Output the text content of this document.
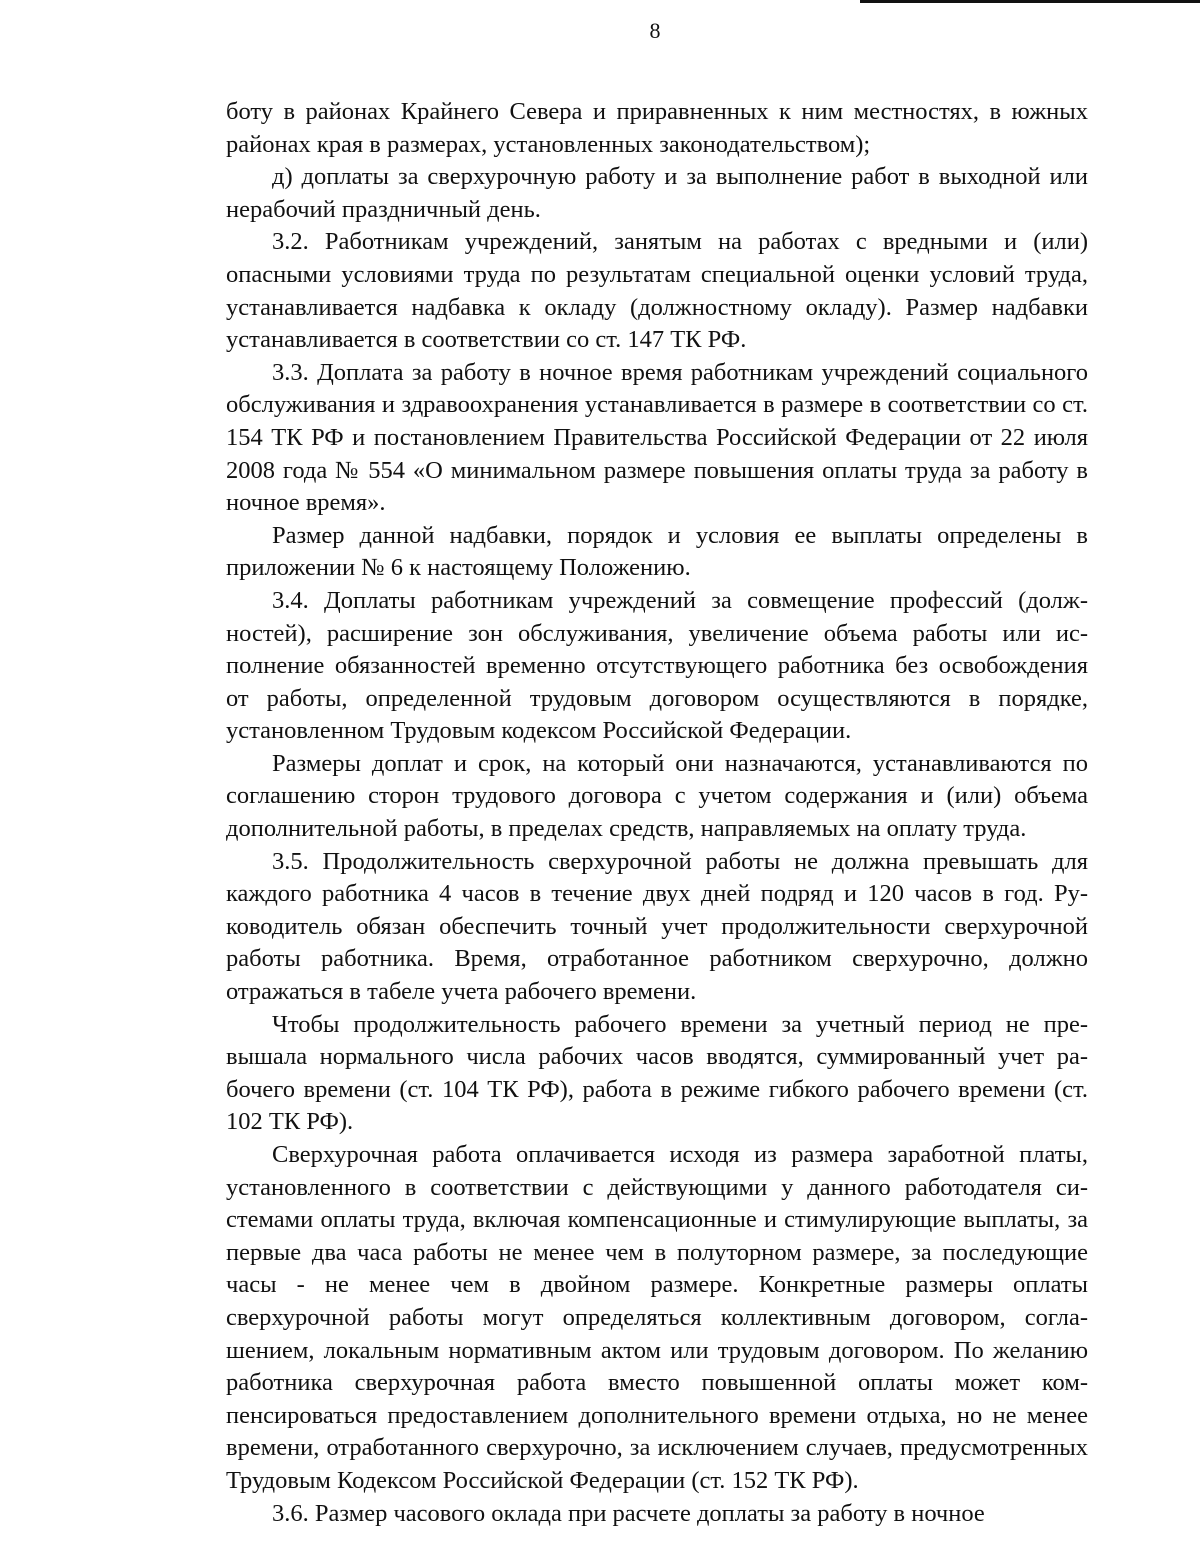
8

боту в районах Крайнего Севера и приравненных к ним местностях, в южных районах края в размерах, установленных законодательством);

д) доплаты за сверхурочную работу и за выполнение работ в выходной или нерабочий праздничный день.

3.2. Работникам учреждений, занятым на работах с вредными и (или) опасными условиями труда по результатам специальной оценки условий труда, устанавливается надбавка к окладу (должностному окладу). Размер надбавки устанавливается в соответствии со ст. 147 ТК РФ.

3.3. Доплата за работу в ночное время работникам учреждений социального обслуживания и здравоохранения устанавливается в размере в соответствии со ст. 154 ТК РФ и постановлением Правительства Российской Федерации от 22 июля 2008 года № 554 «О минимальном размере повышения оплаты труда за работу в ночное время».

Размер данной надбавки, порядок и условия ее выплаты определены в приложении № 6 к настоящему Положению.

3.4. Доплаты работникам учреждений за совмещение профессий (должностей), расширение зон обслуживания, увеличение объема работы или исполнение обязанностей временно отсутствующего работника без освобождения от работы, определенной трудовым договором осуществляются в порядке, установленном Трудовым кодексом Российской Федерации.

Размеры доплат и срок, на который они назначаются, устанавливаются по соглашению сторон трудового договора с учетом содержания и (или) объема дополнительной работы, в пределах средств, направляемых на оплату труда.

3.5. Продолжительность сверхурочной работы не должна превышать для каждого работника 4 часов в течение двух дней подряд и 120 часов в год. Руководитель обязан обеспечить точный учет продолжительности сверхурочной работы работника. Время, отработанное работником сверхурочно, должно отражаться в табеле учета рабочего времени.

Чтобы продолжительность рабочего времени за учетный период не превышала нормального числа рабочих часов вводятся, суммированный учет рабочего времени (ст. 104 ТК РФ), работа в режиме гибкого рабочего времени (ст. 102 ТК РФ).

Сверхурочная работа оплачивается исходя из размера заработной платы, установленного в соответствии с действующими у данного работодателя системами оплаты труда, включая компенсационные и стимулирующие выплаты, за первые два часа работы не менее чем в полуторном размере, за последующие часы - не менее чем в двойном размере. Конкретные размеры оплаты сверхурочной работы могут определяться коллективным договором, соглашением, локальным нормативным актом или трудовым договором. По желанию работника сверхурочная работа вместо повышенной оплаты может компенсироваться предоставлением дополнительного времени отдыха, но не менее времени, отработанного сверхурочно, за исключением случаев, предусмотренных Трудовым Кодексом Российской Федерации (ст. 152 ТК РФ).

3.6. Размер часового оклада при расчете доплаты за работу в ночное
